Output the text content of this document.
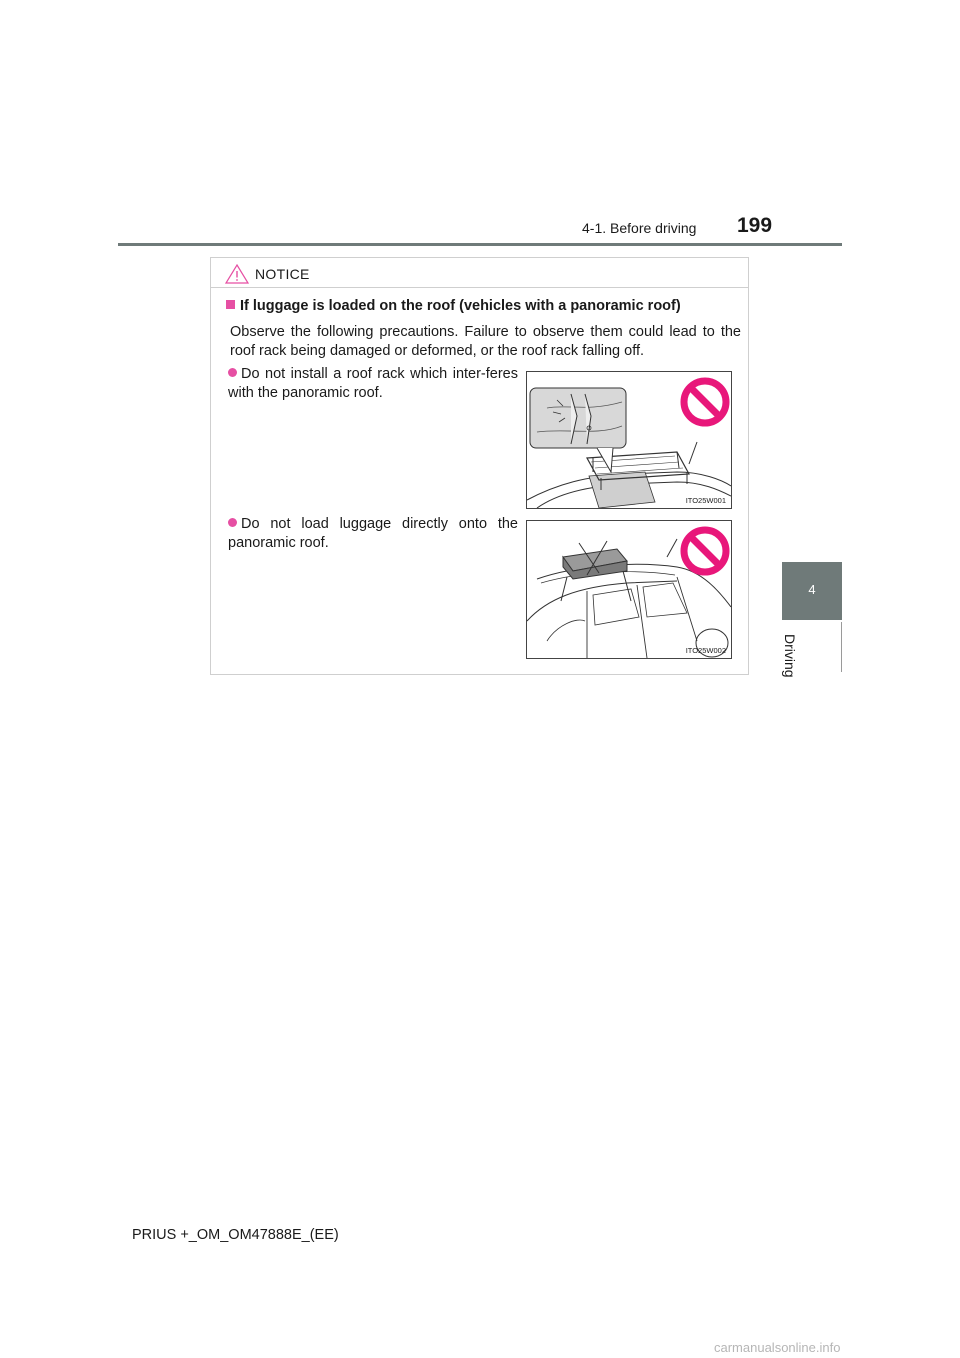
4-1. Before driving 199
4
Driving
NOTICE
If luggage is loaded on the roof (vehicles with a panoramic roof)
Observe the following precautions. Failure to observe them could lead to the roof rack being damaged or deformed, or the roof rack falling off.
Do not install a roof rack which inter-feres with the panoramic roof.
ITO25W001
Do not load luggage directly onto the panoramic roof.
ITO25W002
PRIUS +_OM_OM47888E_(EE)
carmanualsonline.info
